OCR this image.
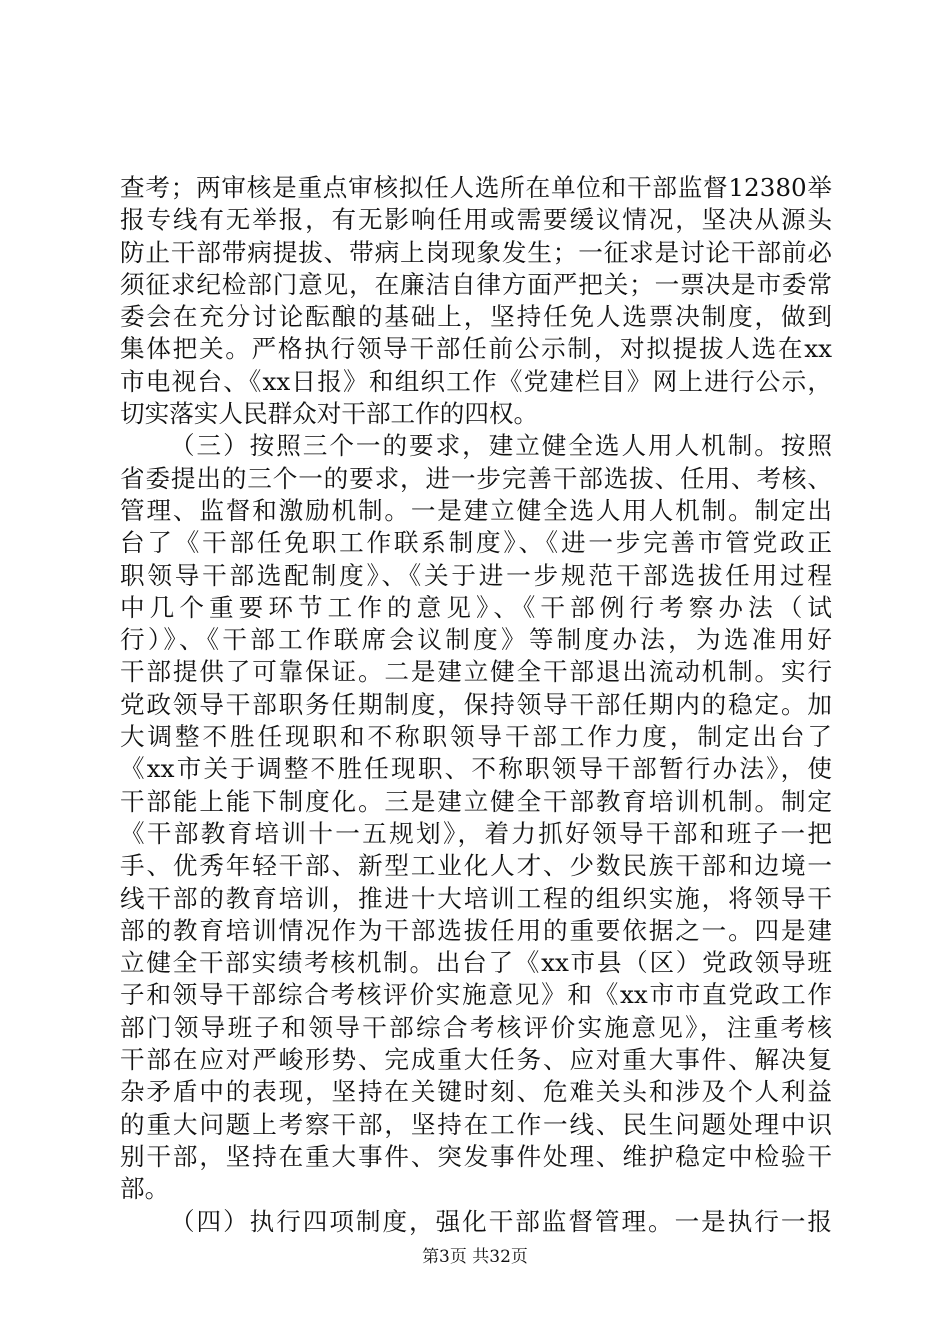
查考；两审核是重点审核拟任人选所在单位和干部监督12380举
报专线有无举报，有无影响任用或需要缓议情况，坚决从源头
防止干部带病提拔、带病上岗现象发生；一征求是讨论干部前必
须征求纪检部门意见，在廉洁自律方面严把关；一票决是市委常
委会在充分讨论酝酿的基础上，坚持任免人选票决制度，做到
集体把关。严格执行领导干部任前公示制，对拟提拔人选在xx
市电视台、《xx日报》和组织工作《党建栏目》网上进行公示，
切实落实人民群众对干部工作的四权。
（三）按照三个一的要求，建立健全选人用人机制。按照
省委提出的三个一的要求，进一步完善干部选拔、任用、考核、
管理、监督和激励机制。一是建立健全选人用人机制。制定出
台了《干部任免职工作联系制度》、《进一步完善市管党政正
职领导干部选配制度》、《关于进一步规范干部选拔任用过程
中几个重要环节工作的意见》、《干部例行考察办法（试
行）》、《干部工作联席会议制度》等制度办法，为选准用好
干部提供了可靠保证。二是建立健全干部退出流动机制。实行
党政领导干部职务任期制度，保持领导干部任期内的稳定。加
大调整不胜任现职和不称职领导干部工作力度，制定出台了
《xx市关于调整不胜任现职、不称职领导干部暂行办法》，使
干部能上能下制度化。三是建立健全干部教育培训机制。制定
《干部教育培训十一五规划》，着力抓好领导干部和班子一把
手、优秀年轻干部、新型工业化人才、少数民族干部和边境一
线干部的教育培训，推进十大培训工程的组织实施，将领导干
部的教育培训情况作为干部选拔任用的重要依据之一。四是建
立健全干部实绩考核机制。出台了《xx市县（区）党政领导班
子和领导干部综合考核评价实施意见》和《xx市市直党政工作
部门领导班子和领导干部综合考核评价实施意见》，注重考核
干部在应对严峻形势、完成重大任务、应对重大事件、解决复
杂矛盾中的表现，坚持在关键时刻、危难关头和涉及个人利益
的重大问题上考察干部，坚持在工作一线、民生问题处理中识
别干部，坚持在重大事件、突发事件处理、维护稳定中检验干
部。
（四）执行四项制度，强化干部监督管理。一是执行一报
第3页 共32页
